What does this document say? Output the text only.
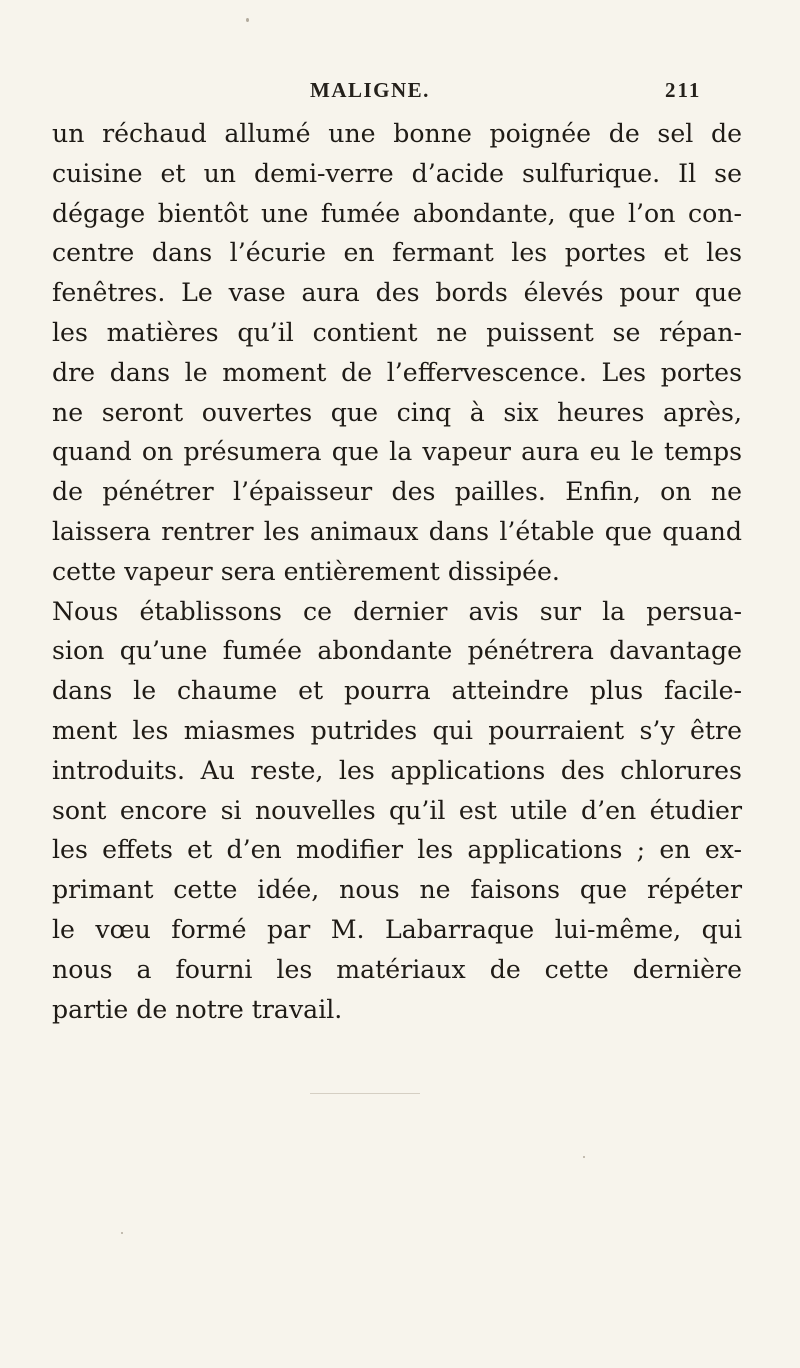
MALIGNE.	211
un réchaud allumé une bonne poignée de sel de
cuisine et un demi-verre d’acide sulfurique. Il se
dégage bientôt une fumée abondante, que l’on con-
centre dans l’écurie en fermant les portes et les
fenêtres. Le vase aura des bords élevés pour que
les matières qu’il contient ne puissent se répan-
dre dans le moment de l’effervescence. Les portes
ne seront ouvertes que cinq à six heures après,
quand on présumera que la vapeur aura eu le temps
de pénétrer l’épaisseur des pailles. Enfin, on ne
laissera rentrer les animaux dans l’étable que quand
cette vapeur sera entièrement dissipée.
Nous établissons ce dernier avis sur la persua-
sion qu’une fumée abondante pénétrera davantage
dans le chaume et pourra atteindre plus facile-
ment les miasmes putrides qui pourraient s’y être
introduits. Au reste, les applications des chlorures
sont encore si nouvelles qu’il est utile d’en étudier
les effets et d’en modifier les applications ; en ex-
primant cette idée, nous ne faisons que répéter
le vœu formé par M. Labarraque lui-même, qui
nous a fourni les matériaux de cette dernière
partie de notre travail.
